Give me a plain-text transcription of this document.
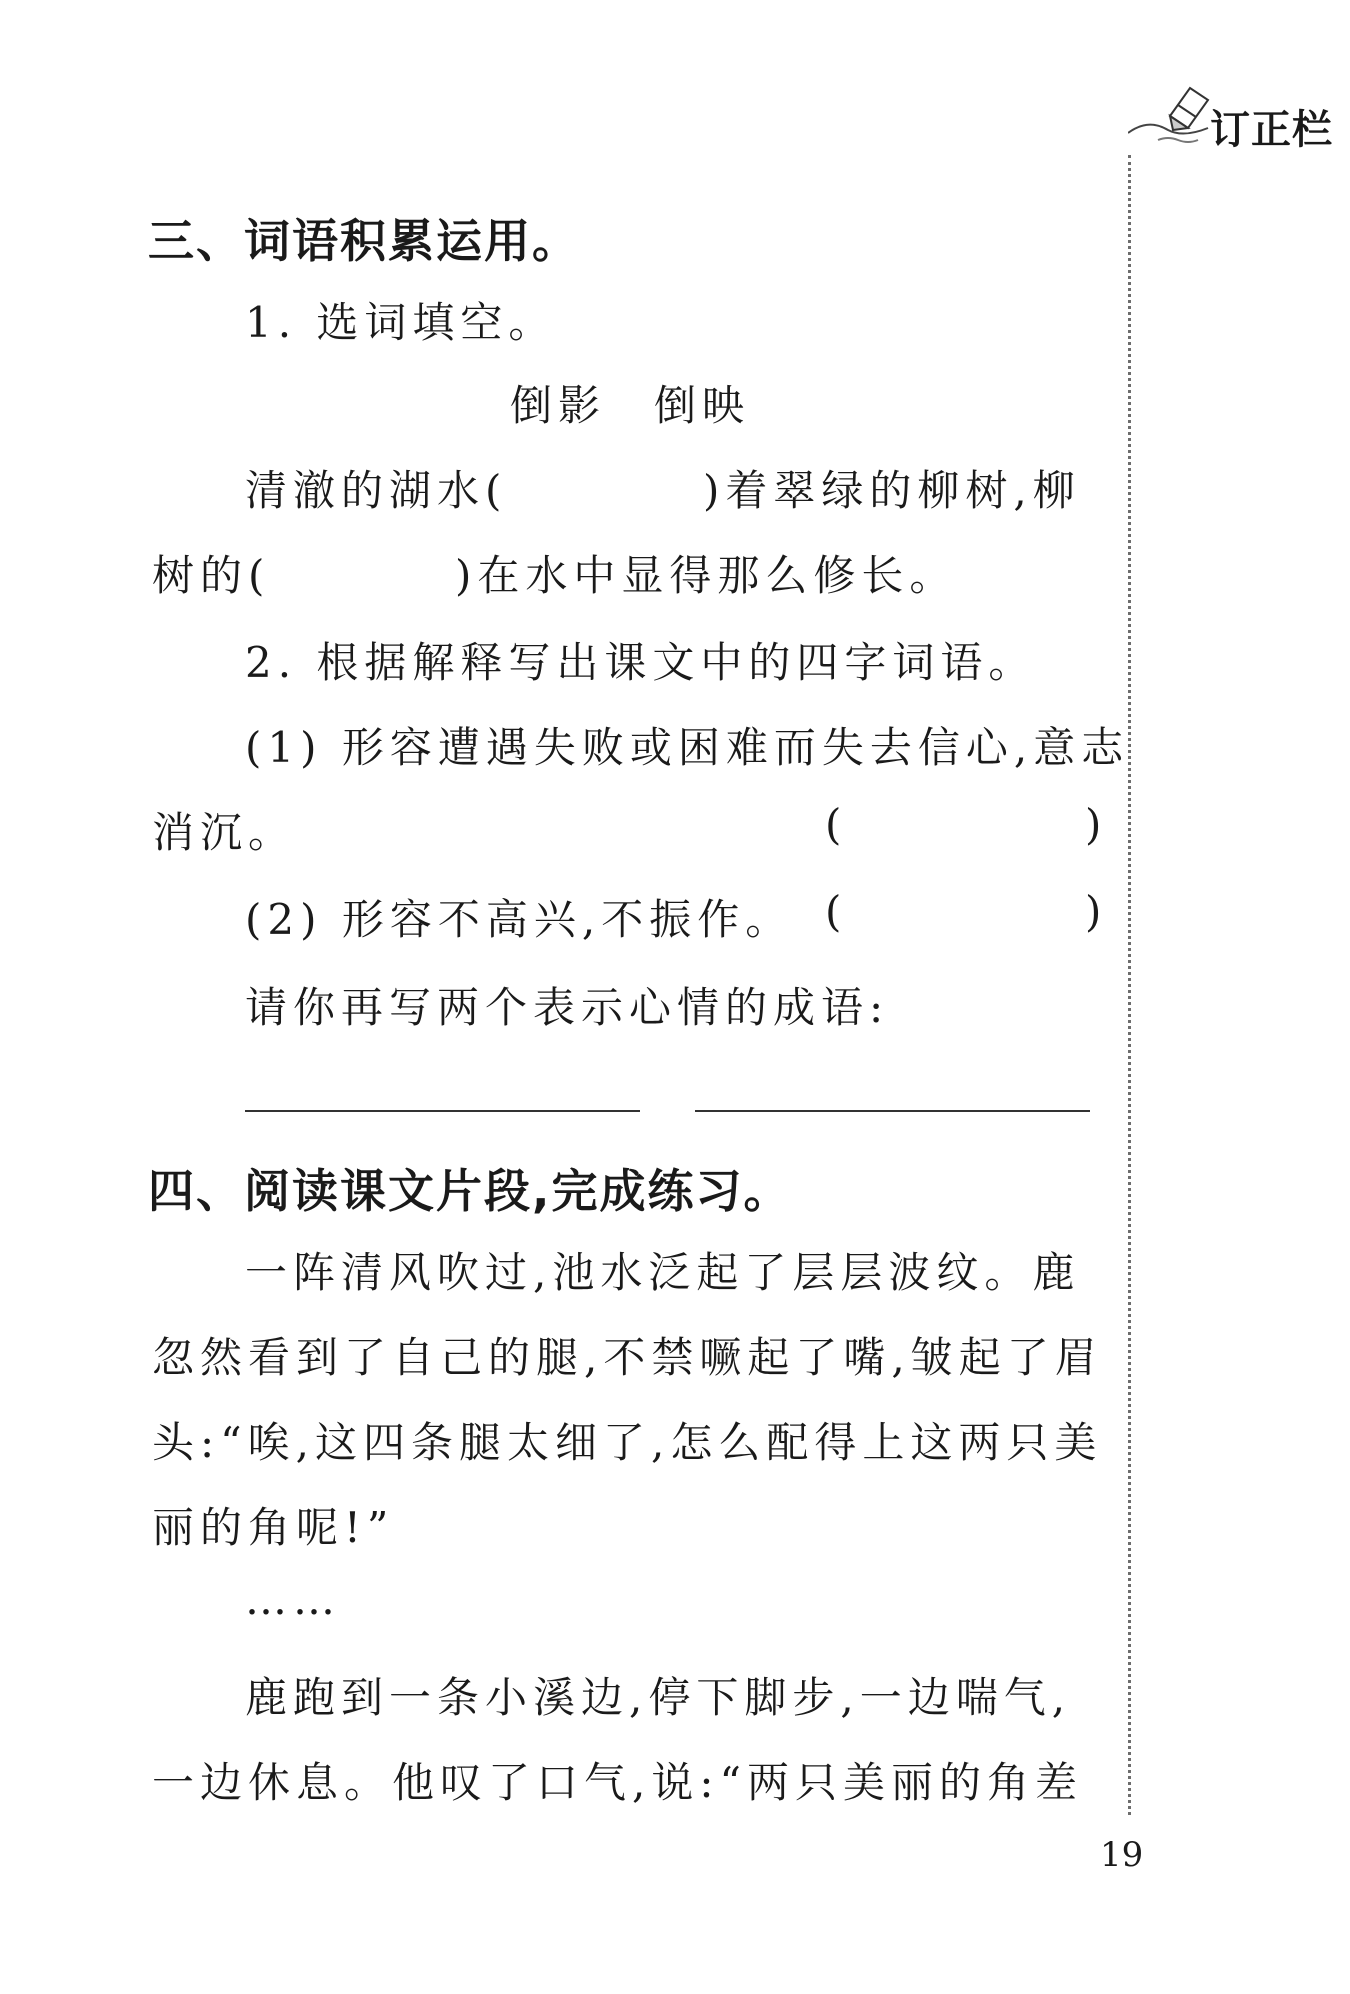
订正栏
三、词语积累运用。
1. 选词填空。
倒影　倒映
清澈的湖水(	)着翠绿的柳树,柳
树的(	)在水中显得那么修长。
2. 根据解释写出课文中的四字词语。
(1) 形容遭遇失败或困难而失去信心,意志
消沉。	(	)
(2) 形容不高兴,不振作。 (	)
请你再写两个表示心情的成语:
四、阅读课文片段,完成练习。
一阵清风吹过,池水泛起了层层波纹。鹿
忽然看到了自己的腿,不禁噘起了嘴,皱起了眉
头:“唉,这四条腿太细了,怎么配得上这两只美
丽的角呢!”
……
鹿跑到一条小溪边,停下脚步,一边喘气,
一边休息。他叹了口气,说:“两只美丽的角差
19
